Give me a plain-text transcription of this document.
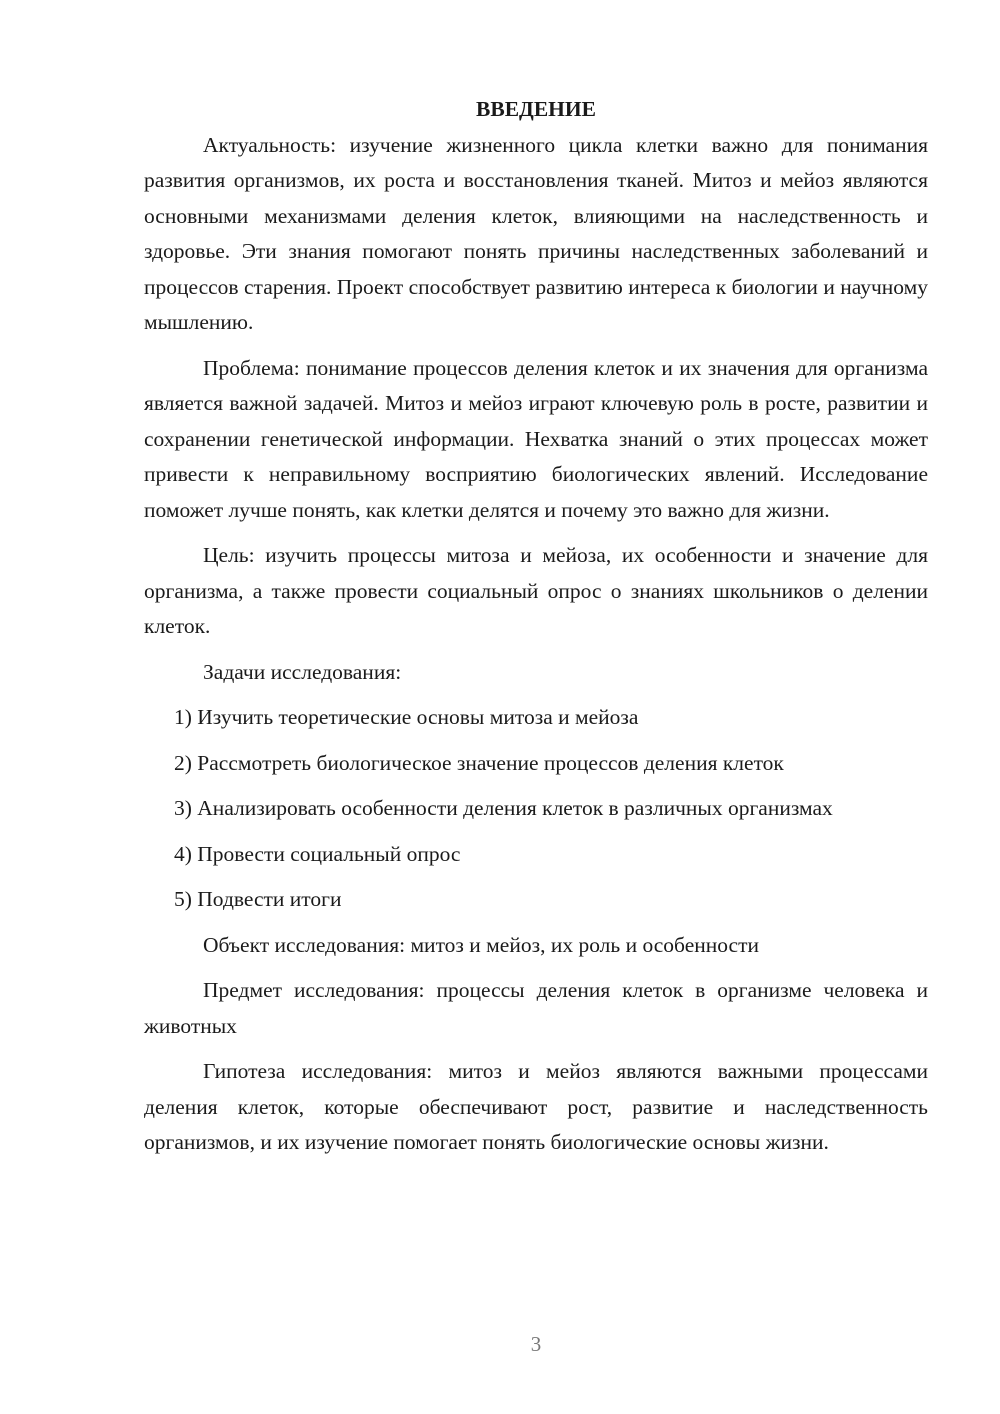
ВВЕДЕНИЕ

Актуальность: изучение жизненного цикла клетки важно для понимания развития организмов, их роста и восстановления тканей. Митоз и мейоз являются основными механизмами деления клеток, влияющими на наследственность и здоровье. Эти знания помогают понять причины наследственных заболеваний и процессов старения. Проект способствует развитию интереса к биологии и научному мышлению.

Проблема: понимание процессов деления клеток и их значения для организма является важной задачей. Митоз и мейоз играют ключевую роль в росте, развитии и сохранении генетической информации. Нехватка знаний о этих процессах может привести к неправильному восприятию биологических явлений. Исследование поможет лучше понять, как клетки делятся и почему это важно для жизни.

Цель: изучить процессы митоза и мейоза, их особенности и значение для организма, а также провести социальный опрос о знаниях школьников о делении клеток.

Задачи исследования:

1) Изучить теоретические основы митоза и мейоза

2) Рассмотреть биологическое значение процессов деления клеток

3) Анализировать особенности деления клеток в различных организмах

4) Провести социальный опрос

5) Подвести итоги

Объект исследования: митоз и мейоз, их роль и особенности

Предмет исследования: процессы деления клеток в организме человека и животных

Гипотеза исследования: митоз и мейоз являются важными процессами деления клеток, которые обеспечивают рост, развитие и наследственность организмов, и их изучение помогает понять биологические основы жизни.

3
